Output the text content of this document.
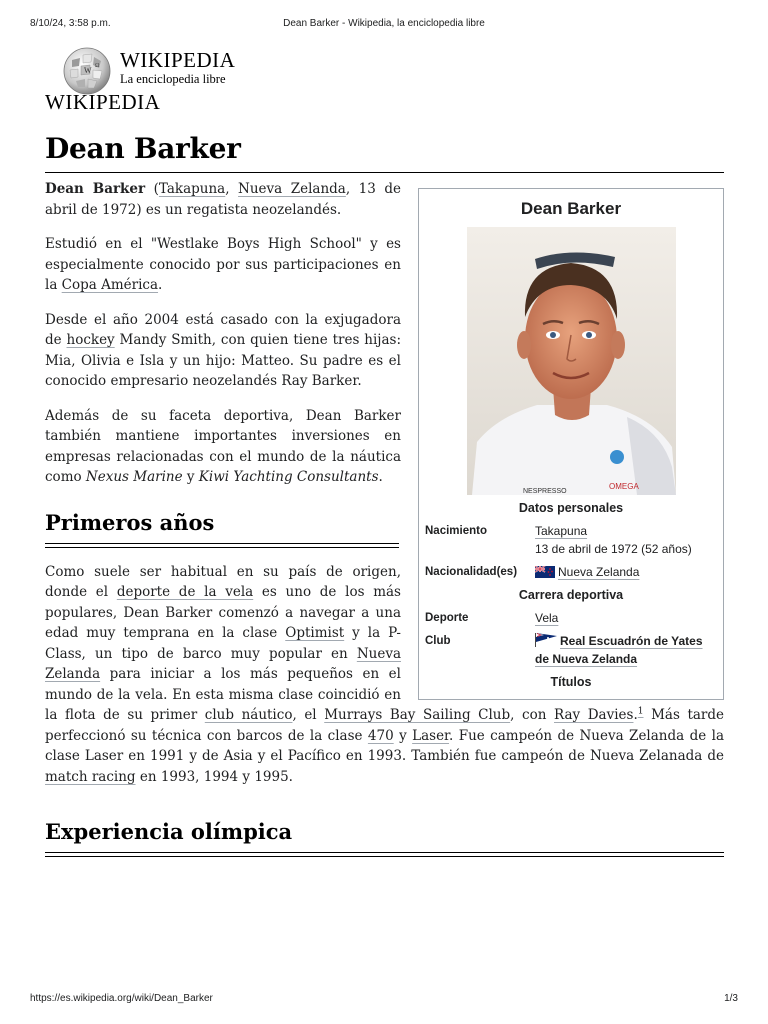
8/10/24, 3:58 p.m.	Dean Barker - Wikipedia, la enciclopedia libre
W Ω WIKIPEDIA
La enciclopedia libre
WIKIPEDIA
Dean Barker
Dean Barker
NESPRESSO
OMEGA
Datos personales
Nacimiento	Takapuna
13 de abril de 1972 (52 años)
Nacionalidad(es)	Nueva Zelanda
Carrera deportiva
Deporte	Vela
Club	Real Escuadrón de Yates de Nueva Zelanda
Títulos

Dean Barker (Takapuna, Nueva Zelanda, 13 de abril de 1972) es un regatista neozelandés.

Estudió en el "Westlake Boys High School" y es especialmente conocido por sus participaciones en la Copa América.

Desde el año 2004 está casado con la exjugadora de hockey Mandy Smith, con quien tiene tres hijas: Mia, Olivia e Isla y un hijo: Matteo. Su padre es el conocido empresario neozelandés Ray Barker.

Además de su faceta deportiva, Dean Barker también mantiene importantes inversiones en empresas relacionadas con el mundo de la náutica como Nexus Marine y Kiwi Yachting Consultants.

Primeros años

Como suele ser habitual en su país de origen, donde el deporte de la vela es uno de los más populares, Dean Barker comenzó a navegar a una edad muy temprana en la clase Optimist y la P-Class, un tipo de barco muy popular en Nueva Zelanda para iniciar a los más pequeños en el mundo de la vela. En esta misma clase coincidió en la flota de su primer club náutico, el Murrays Bay Sailing Club, con Ray Davies.$^1$ Más tarde perfeccionó su técnica con barcos de la clase 470 y Laser. Fue campeón de Nueva Zelanda de la clase Laser en 1991 y de Asia y el Pacífico en 1993. También fue campeón de Nueva Zelanada de match racing en 1993, 1994 y 1995.

Experiencia olímpica
https://es.wikipedia.org/wiki/Dean_Barker	1/3
